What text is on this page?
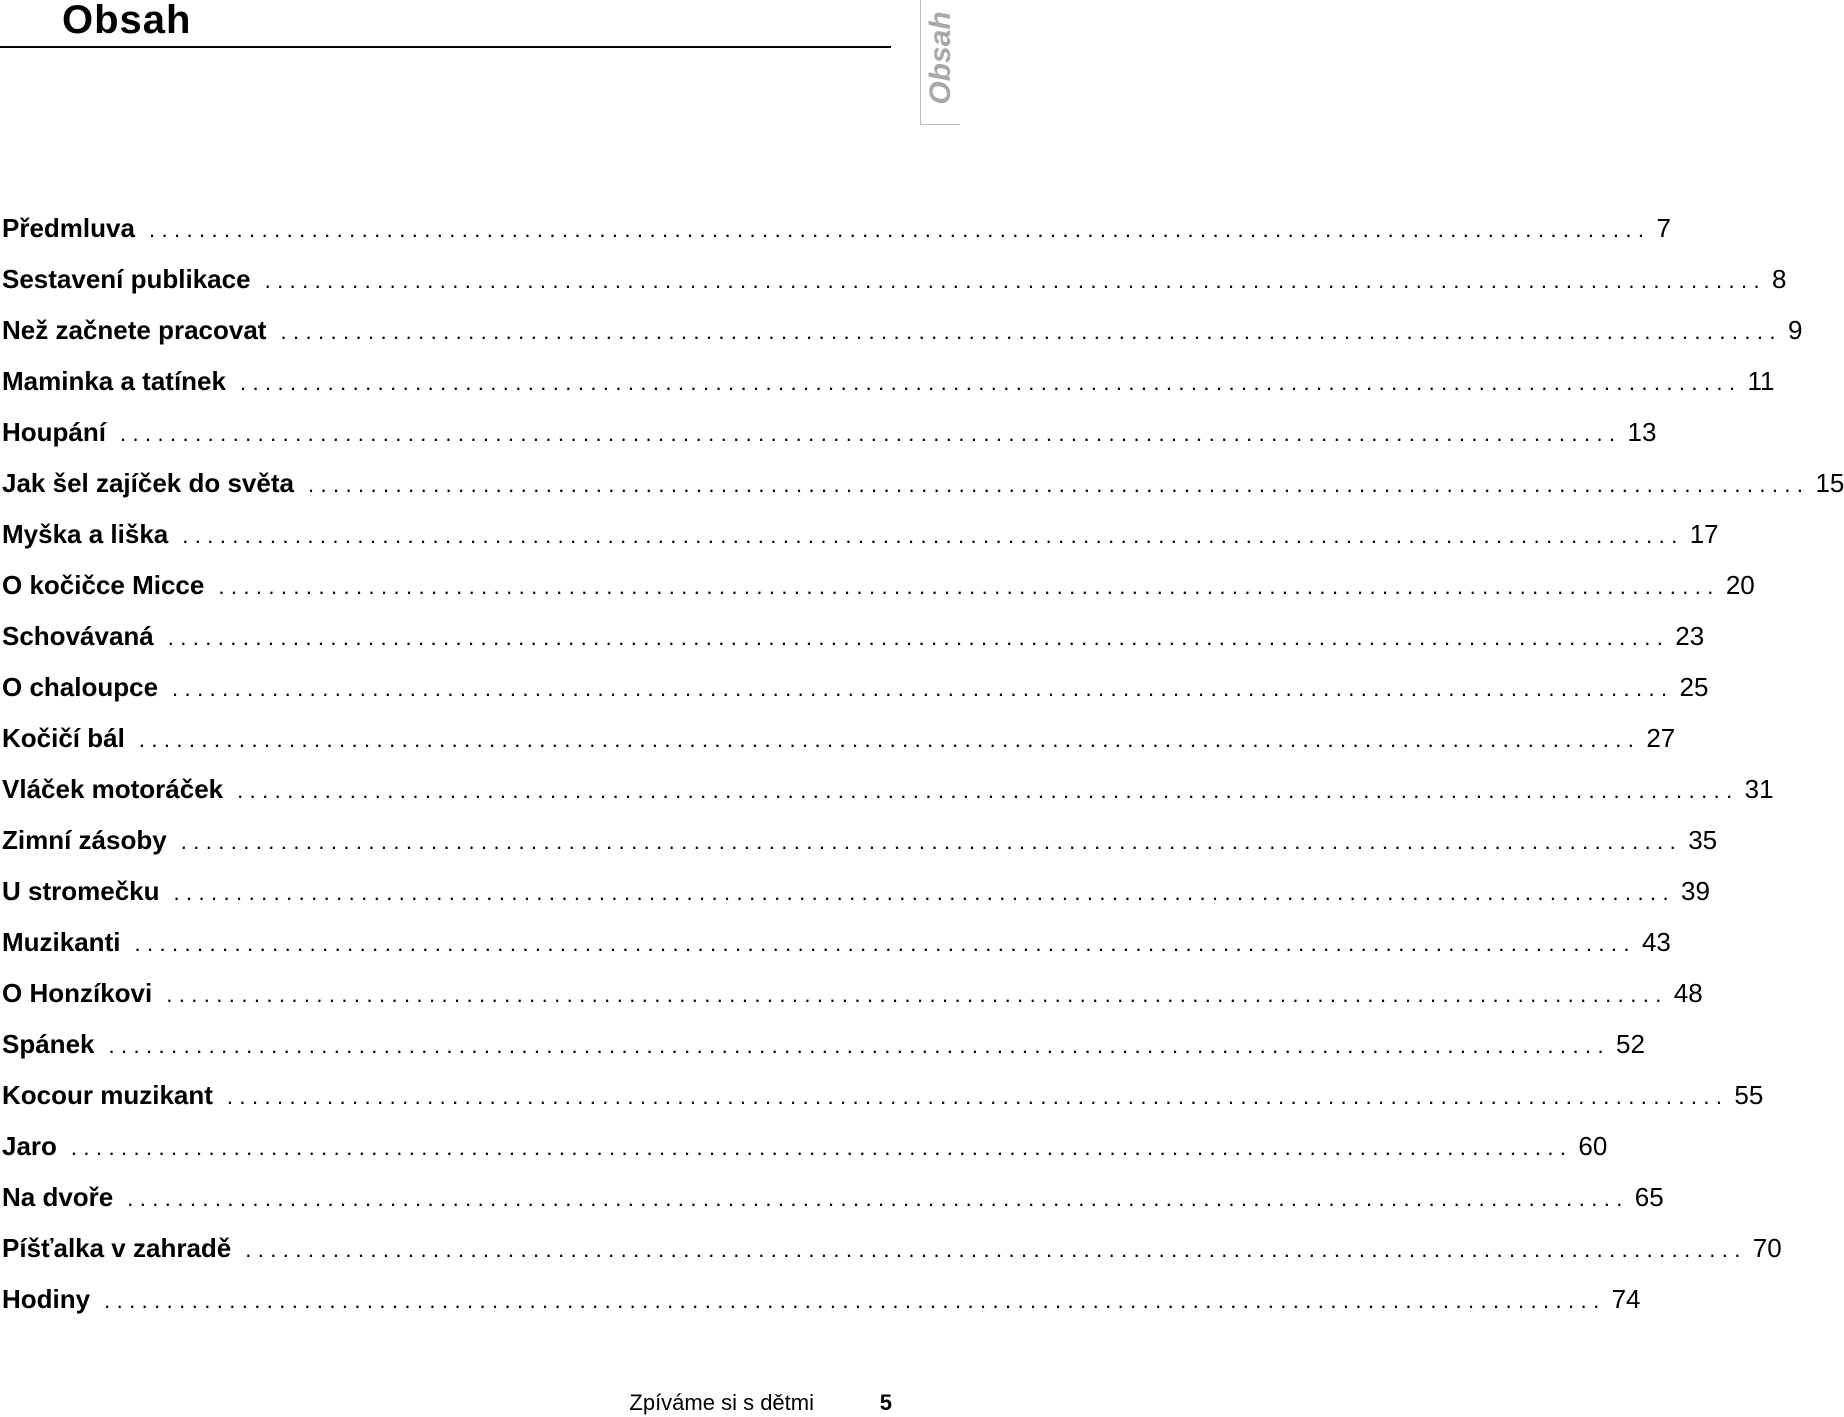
Obsah	Obsah
Předmluva ........................................................................................................................ 7
Sestavení publikace ........................................................................................................................ 8
Než začnete pracovat ........................................................................................................................ 9
Maminka a tatínek ........................................................................................................................ 11
Houpání ........................................................................................................................ 13
Jak šel zajíček do světa ........................................................................................................................ 15
Myška a liška ........................................................................................................................ 17
O kočičce Micce ........................................................................................................................ 20
Schovávaná ........................................................................................................................ 23
O chaloupce ........................................................................................................................ 25
Kočičí bál ........................................................................................................................ 27
Vláček motoráček ........................................................................................................................ 31
Zimní zásoby ........................................................................................................................ 35
U stromečku ........................................................................................................................ 39
Muzikanti ........................................................................................................................ 43
O Honzíkovi ........................................................................................................................ 48
Spánek ........................................................................................................................ 52
Kocour muzikant ........................................................................................................................ 55
Jaro ........................................................................................................................ 60
Na dvoře ........................................................................................................................ 65
Píšťalka v zahradě ........................................................................................................................ 70
Hodiny ........................................................................................................................ 74
Zpíváme si s dětmi	5
